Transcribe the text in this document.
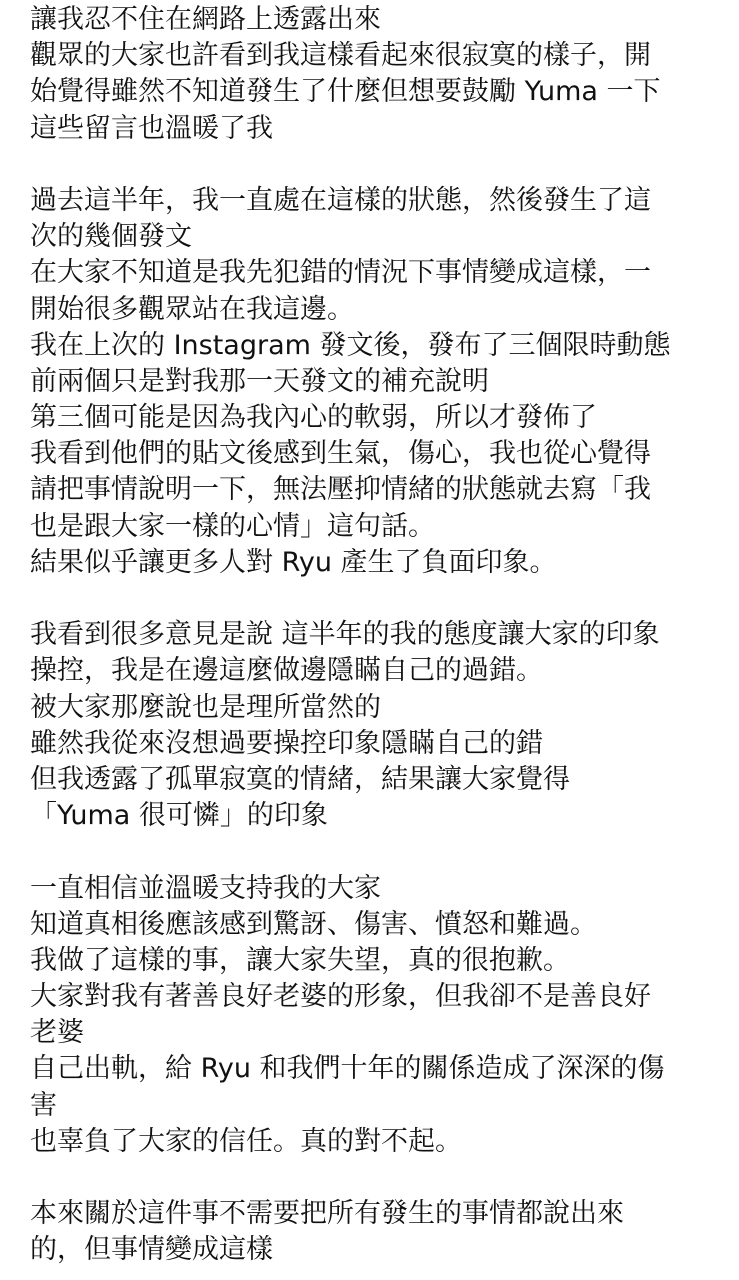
讓我忍不住在網路上透露出來
觀眾的大家也許看到我這樣看起來很寂寞的樣子，開
始覺得雖然不知道發生了什麼但想要鼓勵 Yuma 一下
這些留言也溫暖了我
過去這半年，我一直處在這樣的狀態，然後發生了這
次的幾個發文
在大家不知道是我先犯錯的情況下事情變成這樣，一
開始很多觀眾站在我這邊。
我在上次的 Instagram 發文後，發布了三個限時動態
前兩個只是對我那一天發文的補充說明
第三個可能是因為我內心的軟弱，所以才發佈了
我看到他們的貼文後感到生氣，傷心，我也從心覺得
請把事情說明一下，無法壓抑情緒的狀態就去寫「我
也是跟大家一樣的心情」這句話。
結果似乎讓更多人對 Ryu 產生了負面印象。
我看到很多意見是說 這半年的我的態度讓大家的印象
操控，我是在邊這麼做邊隱瞞自己的過錯。
被大家那麼說也是理所當然的
雖然我從來沒想過要操控印象隱瞞自己的錯
但我透露了孤單寂寞的情緒，結果讓大家覺得
「Yuma 很可憐」的印象
一直相信並溫暖支持我的大家
知道真相後應該感到驚訝、傷害、憤怒和難過。
我做了這樣的事，讓大家失望，真的很抱歉。
大家對我有著善良好老婆的形象，但我卻不是善良好
老婆
自己出軌，給 Ryu 和我們十年的關係造成了深深的傷
害
也辜負了大家的信任。真的對不起。
本來關於這件事不需要把所有發生的事情都說出來
的，但事情變成這樣
